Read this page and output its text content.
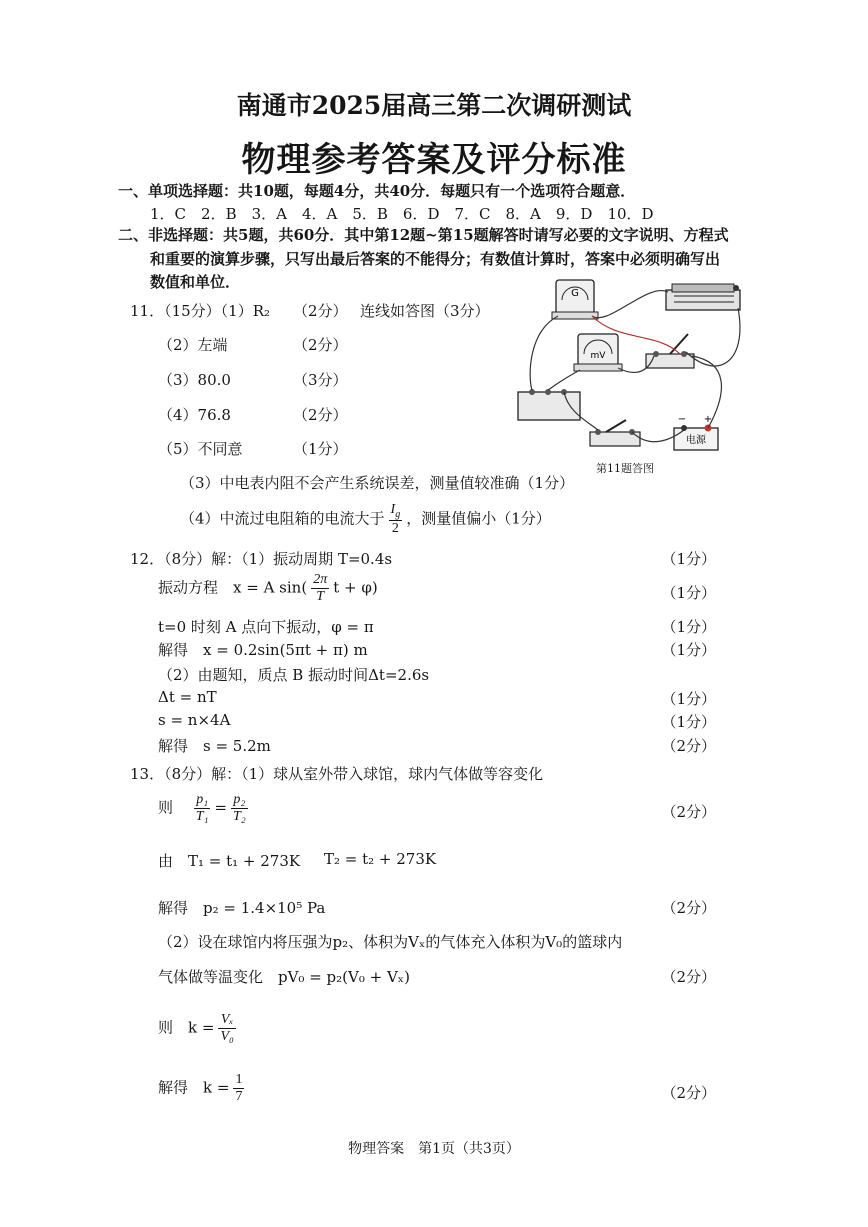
南通市2025届高三第二次调研测试
物理参考答案及评分标准
一、单项选择题：共10题，每题4分，共40分．每题只有一个选项符合题意．
1．C　2．B　3．A　4．A　5．B　6．D　7．C　8．A　9．D　10．D
二、非选择题：共5题，共60分．其中第12题~第15题解答时请写必要的文字说明、方程式
和重要的演算步骤，只写出最后答案的不能得分；有数值计算时，答案中必须明确写出
数值和单位．
11．（15分）（1）R₂ （2分） 连线如答图（3分）
（2）左端	（2分）
（3）80.0	（3分）
（4）76.8	（2分）
（5）不同意	（1分）
G
mV
电源
− +
第11题答图
（3）中电表内阻不会产生系统误差，测量值较准确（1分）
（4）中流过电阻箱的电流大于 $\frac{I_g}{2}$ ，测量值偏小（1分）
12．（8分）解：（1）振动周期 T=0.4s	（1分）
振动方程　x = A $\sin( \frac{2\pi}{T}$ t + φ)	（1分）
t=0 时刻 A 点向下振动，φ = π	（1分）
解得　x = 0.2sin(5πt + π) m	（1分）
（2）由题知，质点 B 振动时间Δt=2.6s
Δt = nT	（1分）
s = n×4A	（1分）
解得　s = 5.2m	（2分）
13．（8分）解：（1）球从室外带入球馆，球内气体做等容变化
则 $\frac{\text{p₁}}{\text{T₁}} = \frac{\text{p₂}}{\text{T₂}}$	（2分）
由　T₁ = t₁ + 273K T₂ = t₂ + 273K
解得　p₂ = 1.4×10⁵ Pa	（2分）
（2）设在球馆内将压强为p₂、体积为Vₓ的气体充入体积为V₀的篮球内
气体做等温变化　pV₀ = p₂(V₀ + Vₓ)	（2分）
则　$k = \frac{\text{Vₓ}}{\text{V₀}}$
解得　$k = \frac{1}{7}$	（2分）
物理答案　第1页（共3页）
